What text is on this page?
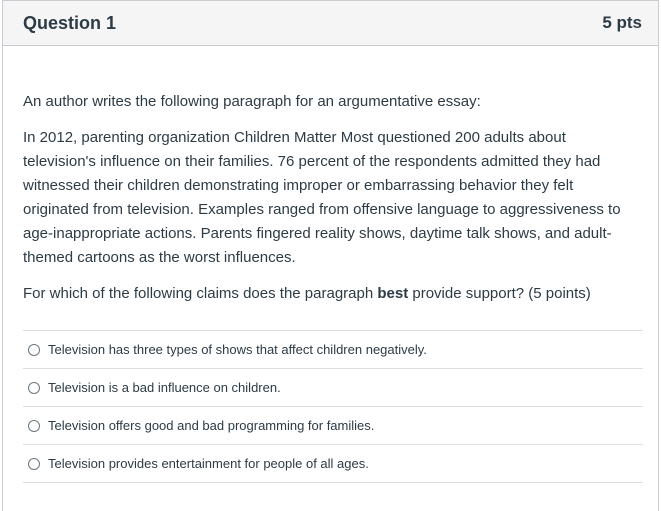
Question 1	5 pts

An author writes the following paragraph for an argumentative essay:

In 2012, parenting organization Children Matter Most questioned 200 adults about television's influence on their families. 76 percent of the respondents admitted they had witnessed their children demonstrating improper or embarrassing behavior they felt originated from television. Examples ranged from offensive language to aggressiveness to age-inappropriate actions. Parents fingered reality shows, daytime talk shows, and adult-themed cartoons as the worst influences.

For which of the following claims does the paragraph best provide support? (5 points)

Television has three types of shows that affect children negatively.
Television is a bad influence on children.
Television offers good and bad programming for families.
Television provides entertainment for people of all ages.
